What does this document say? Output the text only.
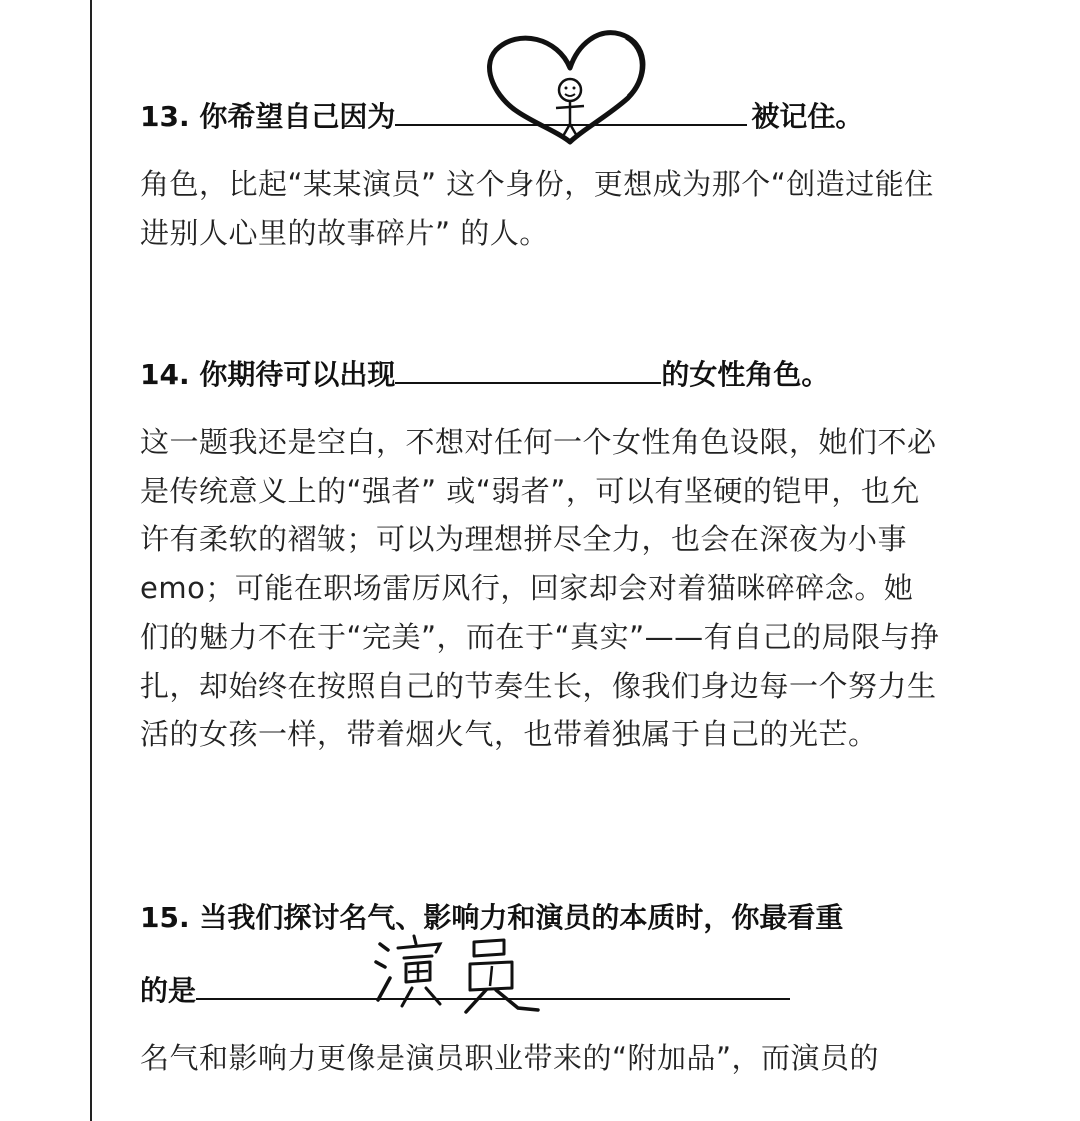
13. 你希望自己因为	被记住。
角色，比起“某某演员” 这个身份，更想成为那个“创造过能住进别人心里的故事碎片” 的人。
14. 你期待可以出现	的女性角色。
这一题我还是空白，不想对任何一个女性角色设限，她们不必是传统意义上的“强者” 或“弱者”，可以有坚硬的铠甲，也允许有柔软的褶皱；可以为理想拼尽全力，也会在深夜为小事emo；可能在职场雷厉风行，回家却会对着猫咪碎碎念。她们的魅力不在于“完美”，而在于“真实”——有自己的局限与挣扎，却始终在按照自己的节奏生长，像我们身边每一个努力生活的女孩一样，带着烟火气，也带着独属于自己的光芒。
15. 当我们探讨名气、影响力和演员的本质时，你最看重
的是
名气和影响力更像是演员职业带来的“附加品”，而演员的
